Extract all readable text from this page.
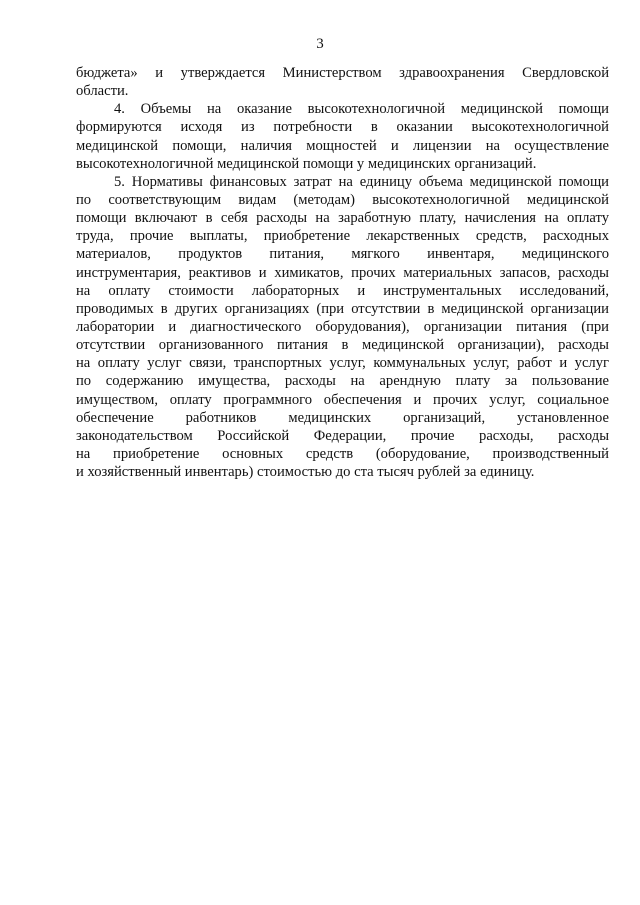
3
бюджета» и утверждается Министерством здравоохранения Свердловской
области.
4. Объемы на оказание высокотехнологичной медицинской помощи
формируются исходя из потребности в оказании высокотехнологичной
медицинской помощи, наличия мощностей и лицензии на осуществление
высокотехнологичной медицинской помощи у медицинских организаций.
5. Нормативы финансовых затрат на единицу объема медицинской помощи
по соответствующим видам (методам) высокотехнологичной медицинской
помощи включают в себя расходы на заработную плату, начисления на оплату
труда, прочие выплаты, приобретение лекарственных средств, расходных
материалов, продуктов питания, мягкого инвентаря, медицинского
инструментария, реактивов и химикатов, прочих материальных запасов, расходы
на оплату стоимости лабораторных и инструментальных исследований,
проводимых в других организациях (при отсутствии в медицинской организации
лаборатории и диагностического оборудования), организации питания (при
отсутствии организованного питания в медицинской организации), расходы
на оплату услуг связи, транспортных услуг, коммунальных услуг, работ и услуг
по содержанию имущества, расходы на арендную плату за пользование
имуществом, оплату программного обеспечения и прочих услуг, социальное
обеспечение работников медицинских организаций, установленное
законодательством Российской Федерации, прочие расходы, расходы
на приобретение основных средств (оборудование, производственный
и хозяйственный инвентарь) стоимостью до ста тысяч рублей за единицу.
